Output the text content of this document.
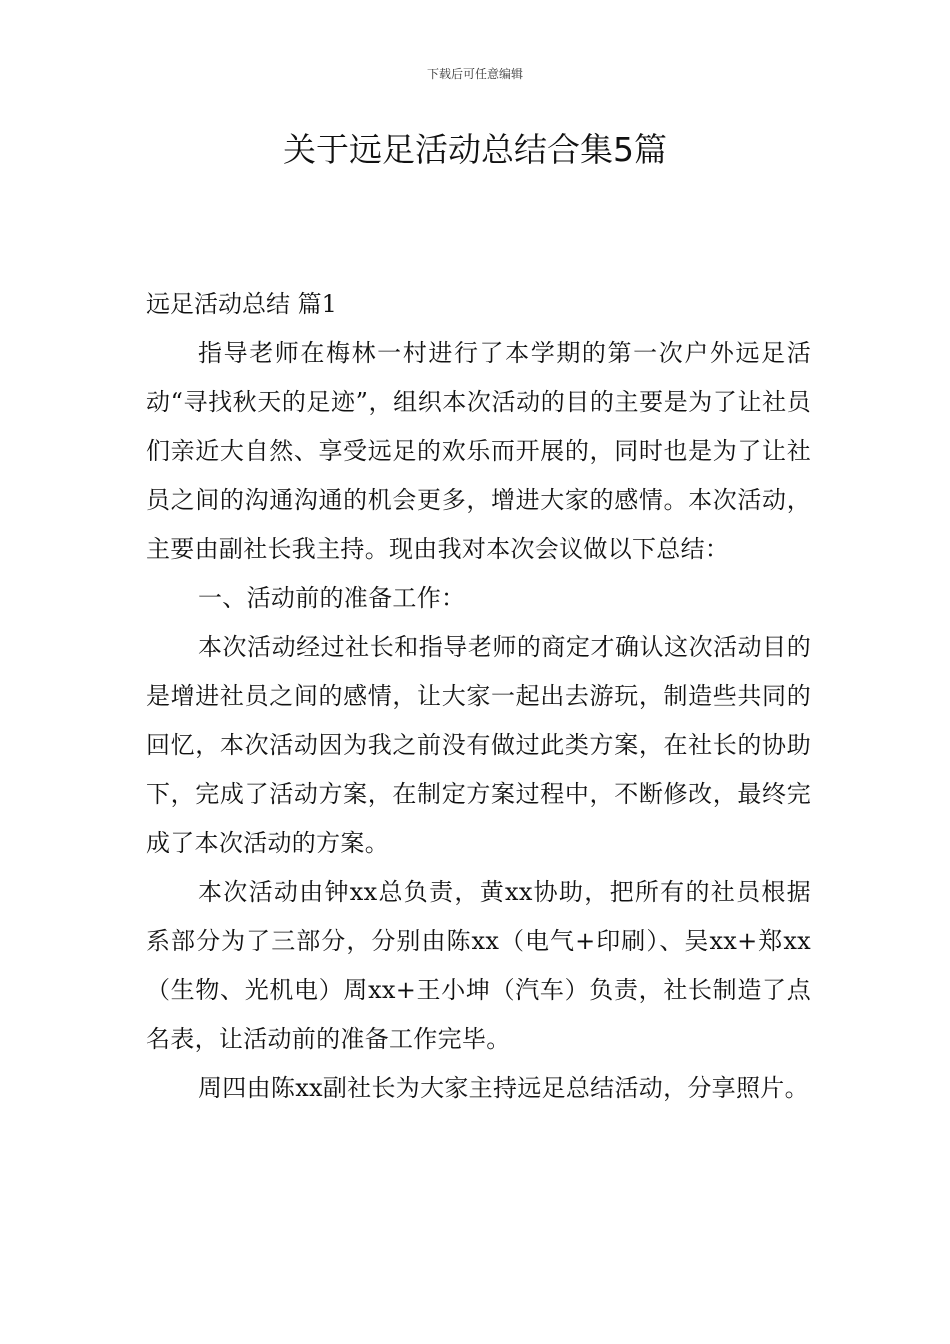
下载后可任意编辑
关于远足活动总结合集5篇

远足活动总结 篇1

指导老师在梅林一村进行了本学期的第一次户外远足活动“寻找秋天的足迹”，组织本次活动的目的主要是为了让社员们亲近大自然、享受远足的欢乐而开展的，同时也是为了让社员之间的沟通沟通的机会更多，增进大家的感情。本次活动，主要由副社长我主持。现由我对本次会议做以下总结：

一、活动前的准备工作：

本次活动经过社长和指导老师的商定才确认这次活动目的是增进社员之间的感情，让大家一起出去游玩，制造些共同的回忆，本次活动因为我之前没有做过此类方案，在社长的协助下，完成了活动方案，在制定方案过程中，不断修改，最终完成了本次活动的方案。

本次活动由钟xx总负责，黄xx协助，把所有的社员根据系部分为了三部分，分别由陈xx（电气+印刷）、吴xx+郑xx（生物、光机电）周xx+王小坤（汽车）负责，社长制造了点名表，让活动前的准备工作完毕。

周四由陈xx副社长为大家主持远足总结活动，分享照片。
